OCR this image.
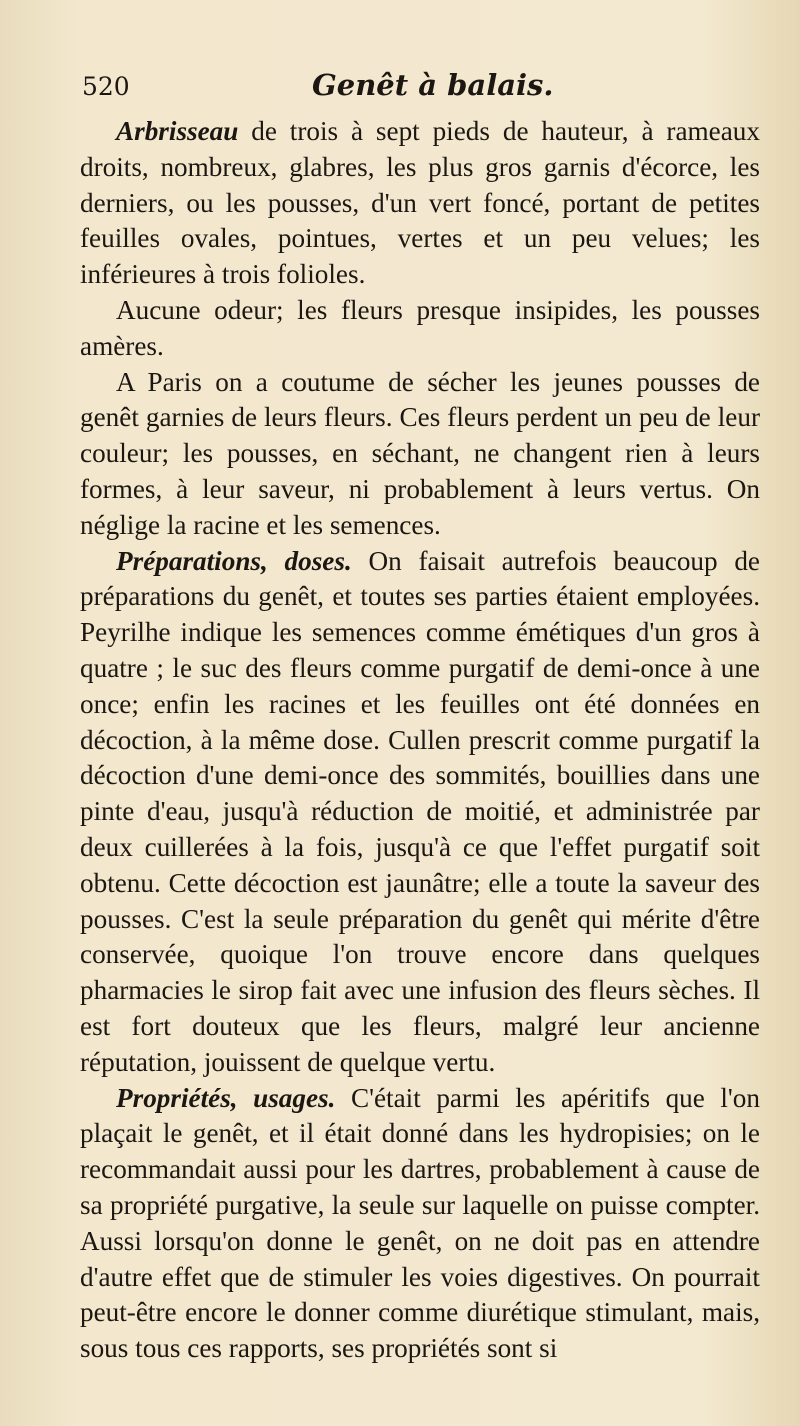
520	Genêt à balais.

Arbrisseau de trois à sept pieds de hauteur, à rameaux droits, nombreux, glabres, les plus gros garnis d'écorce, les derniers, ou les pousses, d'un vert foncé, portant de petites feuilles ovales, pointues, vertes et un peu velues; les inférieures à trois folioles.

Aucune odeur; les fleurs presque insipides, les pousses amères.

A Paris on a coutume de sécher les jeunes pousses de genêt garnies de leurs fleurs. Ces fleurs perdent un peu de leur couleur; les pousses, en séchant, ne changent rien à leurs formes, à leur saveur, ni probablement à leurs vertus. On néglige la racine et les semences.

Préparations, doses. On faisait autrefois beaucoup de préparations du genêt, et toutes ses parties étaient employées. Peyrilhe indique les semences comme émétiques d'un gros à quatre ; le suc des fleurs comme purgatif de demi-once à une once; enfin les racines et les feuilles ont été données en décoction, à la même dose. Cullen prescrit comme purgatif la décoction d'une demi-once des sommités, bouillies dans une pinte d'eau, jusqu'à réduction de moitié, et administrée par deux cuillerées à la fois, jusqu'à ce que l'effet purgatif soit obtenu. Cette décoction est jaunâtre; elle a toute la saveur des pousses. C'est la seule préparation du genêt qui mérite d'être conservée, quoique l'on trouve encore dans quelques pharmacies le sirop fait avec une infusion des fleurs sèches. Il est fort douteux que les fleurs, malgré leur ancienne réputation, jouissent de quelque vertu.

Propriétés, usages. C'était parmi les apéritifs que l'on plaçait le genêt, et il était donné dans les hydropisies; on le recommandait aussi pour les dartres, probablement à cause de sa propriété purgative, la seule sur laquelle on puisse compter. Aussi lorsqu'on donne le genêt, on ne doit pas en attendre d'autre effet que de stimuler les voies digestives. On pourrait peut-être encore le donner comme diurétique stimulant, mais, sous tous ces rapports, ses propriétés sont si
